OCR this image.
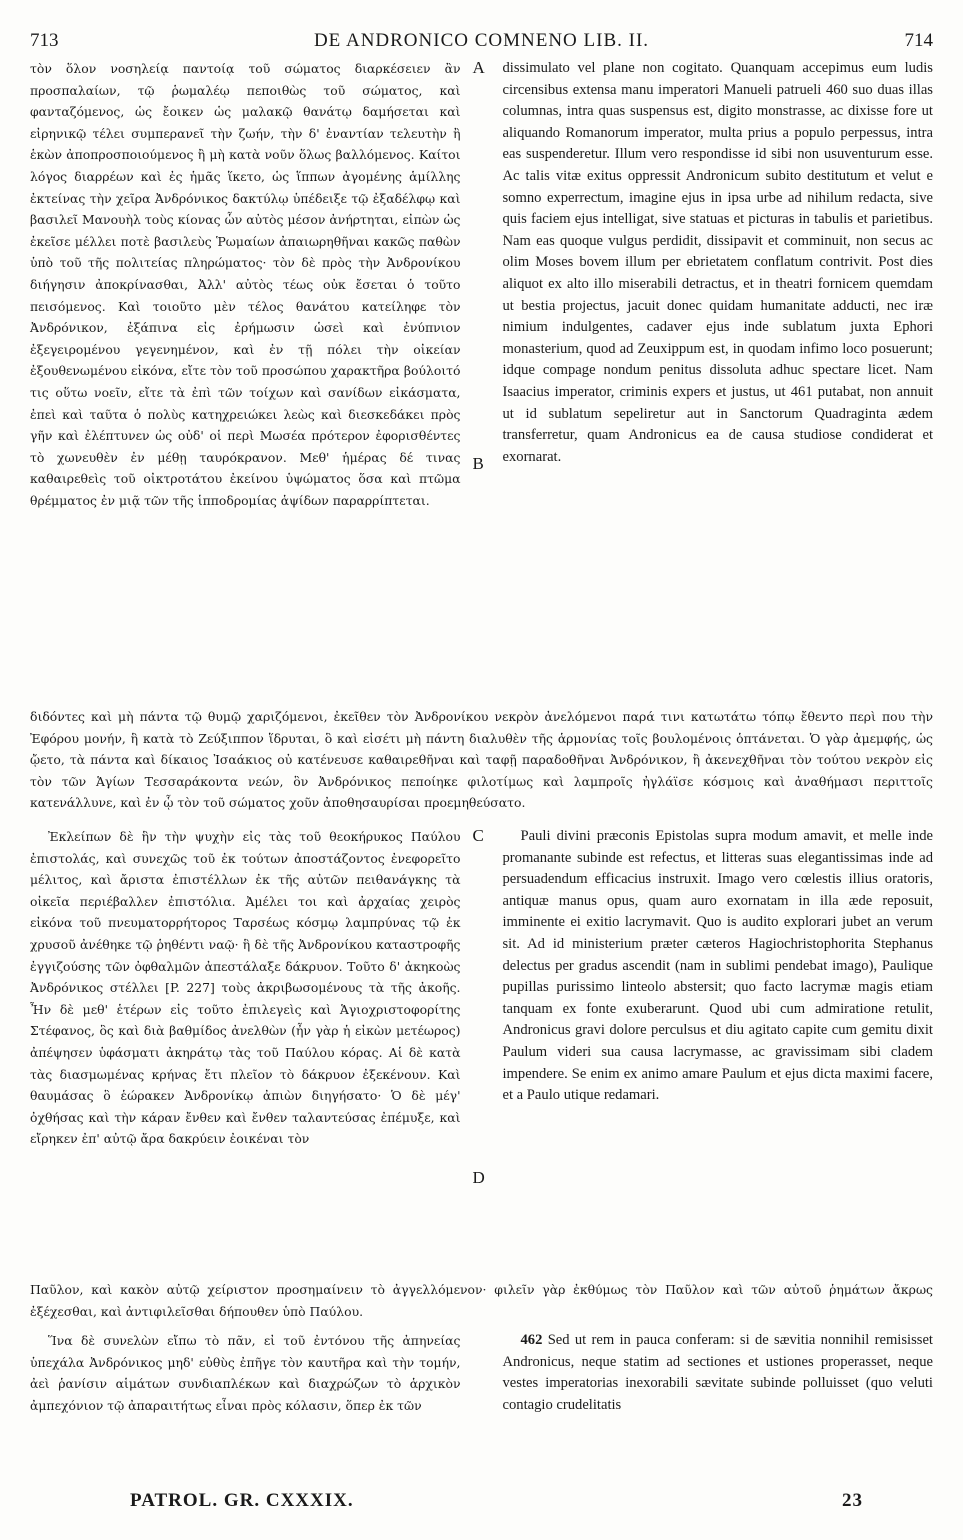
713	DE ANDRONICO COMNENO LIB. II.	714

τὸν ὅλον νοσηλείᾳ παντοίᾳ τοῦ σώματος διαρκέσειεν ἂν προσπαλαίων, τῷ ῥωμαλέῳ πεποιθὼς τοῦ σώματος, καὶ φανταζόμενος, ὡς ἔοικεν ὡς μαλακῷ θανάτῳ δαμήσεται καὶ εἰρηνικῷ τέλει συμπερανεῖ τὴν ζωήν, τὴν δ' ἐναντίαν τελευτὴν ἢ ἑκὼν ἀποπροσποιούμενος ἢ μὴ κατὰ νοῦν ὅλως βαλλόμενος. Καίτοι λόγος διαρρέων καὶ ἐς ἡμᾶς ἵκετο, ὡς ἵππων ἀγομένης ἁμίλλης ἐκτείνας τὴν χεῖρα Ἀνδρόνικος δακτύλῳ ὑπέδειξε τῷ ἐξαδέλφῳ καὶ βασιλεῖ Μανουὴλ τοὺς κίονας ὧν αὐτὸς μέσον ἀνήρτηται, εἰπὼν ὡς ἐκεῖσε μέλλει ποτὲ βασιλεὺς Ῥωμαίων ἀπαιωρηθῆναι κακῶς παθὼν ὑπὸ τοῦ τῆς πολιτείας πληρώματος· τὸν δὲ πρὸς τὴν Ἀνδρονίκου διήγησιν ἀποκρίνασθαι, Ἀλλ' αὐτὸς τέως οὐκ ἔσεται ὁ τοῦτο πεισόμενος. Καὶ τοιοῦτο μὲν τέλος θανάτου κατείληφε τὸν Ἀνδρόνικον, ἐξάπινα εἰς ἐρήμωσιν ὡσεὶ καὶ ἐνύπνιον ἐξεγειρομένου γεγενημένον, καὶ ἐν τῇ πόλει τὴν οἰκείαν ἐξουθενωμένου εἰκόνα, εἴτε τὸν τοῦ προσώπου χαρακτῆρα βούλοιτό τις οὕτω νοεῖν, εἴτε τὰ ἐπὶ τῶν τοίχων καὶ σανίδων εἰκάσματα, ἐπεὶ καὶ ταῦτα ὁ πολὺς κατηχρειώκει λεὼς καὶ διεσκεδάκει πρὸς γῆν καὶ ἐλέπτυνεν ὡς οὐδ' οἱ περὶ Μωσέα πρότερον ἐφορισθέντες τὸ χωνευθὲν ἐν μέθῃ ταυρόκρανον. Μεθ' ἡμέρας δέ τινας καθαιρεθεὶς τοῦ οἰκτροτάτου ἐκείνου ὑψώματος ὅσα καὶ πτῶμα θρέμματος ἐν μιᾷ τῶν τῆς ἱπποδρομίας ἁψίδων παραρρίπτεται.

A
B

dissimulato vel plane non cogitato. Quanquam accepimus eum ludis circensibus extensa manu imperatori Manueli patrueli 460 suo duas illas columnas, intra quas suspensus est, digito monstrasse, ac dixisse fore ut aliquando Romanorum imperator, multa prius a populo perpessus, intra eas suspenderetur. Illum vero respondisse id sibi non usuventurum esse. Ac talis vitæ exitus oppressit Andronicum subito destitutum et velut e somno experrectum, imagine ejus in ipsa urbe ad nihilum redacta, sive quis faciem ejus intelligat, sive statuas et picturas in tabulis et parietibus. Nam eas quoque vulgus perdidit, dissipavit et comminuit, non secus ac olim Moses bovem illum per ebrietatem conflatum contrivit. Post dies aliquot ex alto illo miserabili detractus, et in theatri fornicem quemdam ut bestia projectus, jacuit donec quidam humanitate adducti, nec iræ nimium indulgentes, cadaver ejus inde sublatum juxta Ephori monasterium, quod ad Zeuxippum est, in quodam infimo loco posuerunt; idque compage nondum penitus dissoluta adhuc spectare licet. Nam Isaacius imperator, criminis expers et justus, ut 461 putabat, non annuit ut id sublatum sepeliretur aut in Sanctorum Quadraginta ædem transferretur, quam Andronicus ea de causa studiose condiderat et exornarat.

διδόντες καὶ μὴ πάντα τῷ θυμῷ χαριζόμενοι, ἐκεῖθεν τὸν Ἀνδρονίκου νεκρὸν ἀνελόμενοι παρά τινι κατωτάτω τόπῳ ἔθεντο περὶ που τὴν Ἐφόρου μονήν, ἣ κατὰ τὸ Ζεύξιππον ἵδρυται, ὃ καὶ εἰσέτι μὴ πάντη διαλυθὲν τῆς ἁρμονίας τοῖς βουλομένοις ὁπτάνεται. Ὁ γὰρ ἀμεμφής, ὡς ᾤετο, τὰ πάντα καὶ δίκαιος Ἰσαάκιος οὐ κατένευσε καθαιρεθῆναι καὶ ταφῇ παραδοθῆναι Ἀνδρόνικον, ἢ ἀκενεχθῆναι τὸν τούτου νεκρὸν εἰς τὸν τῶν Ἁγίων Τεσσαράκοντα νεών, ὃν Ἀνδρόνικος πεποίηκε φιλοτίμως καὶ λαμπροῖς ἠγλάϊσε κόσμοις καὶ ἀναθήμασι περιττοῖς κατενάλλυνε, καὶ ἐν ᾧ τὸν τοῦ σώματος χοῦν ἀποθησαυρίσαι προεμηθεύσατο.

Ἐκλείπων δὲ ἣν τὴν ψυχὴν εἰς τὰς τοῦ θεοκήρυκος Παύλου ἐπιστολάς, καὶ συνεχῶς τοῦ ἐκ τούτων ἀποστάζοντος ἐνεφορεῖτο μέλιτος, καὶ ἄριστα ἐπιστέλλων ἐκ τῆς αὐτῶν πειθανάγκης τὰ οἰκεῖα περιέβαλλεν ἐπιστόλια. Ἀμέλει τοι καὶ ἀρχαίας χειρὸς εἰκόνα τοῦ πνευματορρήτορος Ταρσέως κόσμῳ λαμπρύνας τῷ ἐκ χρυσοῦ ἀνέθηκε τῷ ῥηθέντι ναῷ· ἣ δὲ τῆς Ἀνδρονίκου καταστροφῆς ἐγγιζούσης τῶν ὀφθαλμῶν ἀπεστάλαξε δάκρυον. Τοῦτο δ' ἀκηκοὼς Ἀνδρόνικος στέλλει [P. 227] τοὺς ἀκριβωσομένους τὰ τῆς ἀκοῆς. Ἦν δὲ μεθ' ἑτέρων εἰς τοῦτο ἐπιλεγεὶς καὶ Ἁγιοχριστοφορίτης Στέφανος, ὃς καὶ διὰ βαθμίδος ἀνελθὼν (ἦν γὰρ ἡ εἰκὼν μετέωρος) ἀπέψησεν ὑφάσματι ἀκηράτῳ τὰς τοῦ Παύλου κόρας. Αἱ δὲ κατὰ τὰς διασμωμένας κρήνας ἔτι πλεῖον τὸ δάκρυον ἐξεκένουν. Καὶ θαυμάσας ὃ ἑώρακεν Ἀνδρονίκῳ ἀπιὼν διηγήσατο· Ὁ δὲ μέγ' ὀχθήσας καὶ τὴν κάραν ἔνθεν καὶ ἔνθεν ταλαντεύσας ἐπέμυξε, καὶ εἴρηκεν ἐπ' αὐτῷ ἄρα δακρύειν ἐοικέναι τὸν

C
D

Pauli divini præconis Epistolas supra modum amavit, et melle inde promanante subinde est refectus, et litteras suas elegantissimas inde ad persuadendum efficacius instruxit. Imago vero cœlestis illius oratoris, antiquæ manus opus, quam auro exornatam in illa æde reposuit, imminente ei exitio lacrymavit. Quo is audito explorari jubet an verum sit. Ad id ministerium præter cæteros Hagiochristophorita Stephanus delectus per gradus ascendit (nam in sublimi pendebat imago), Paulique pupillas purissimo linteolo abstersit; quo facto lacrymæ magis etiam tanquam ex fonte exuberarunt. Quod ubi cum admiratione retulit, Andronicus gravi dolore perculsus et diu agitato capite cum gemitu dixit Paulum videri sua causa lacrymasse, ac gravissimam sibi cladem impendere. Se enim ex animo amare Paulum et ejus dicta maximi facere, et a Paulo utique redamari.

Παῦλον, καὶ κακὸν αὐτῷ χείριστον προσημαίνειν τὸ ἀγγελλόμενον· φιλεῖν γὰρ ἐκθύμως τὸν Παῦλον καὶ τῶν αὐτοῦ ῥημάτων ἄκρως ἐξέχεσθαι, καὶ ἀντιφιλεῖσθαι δήπουθεν ὑπὸ Παύλου.

Ἵνα δὲ συνελὼν εἴπω τὸ πᾶν, εἰ τοῦ ἐντόνου τῆς ἀπηνείας ὑπεχάλα Ἀνδρόνικος μηδ' εὐθὺς ἐπῆγε τὸν καυτῆρα καὶ τὴν τομήν, ἀεὶ ῥανίσιν αἱμάτων συνδιαπλέκων καὶ διαχρώζων τὸ ἁρχικὸν ἀμπεχόνιον τῷ ἀπαραιτήτως εἶναι πρὸς κόλασιν, ὅπερ ἐκ τῶν

462 Sed ut rem in pauca conferam: si de sævitia nonnihil remisisset Andronicus, neque statim ad sectiones et ustiones properasset, neque vestes imperatorias inexorabili sævitate subinde polluisset (quo veluti contagio crudelitatis

PATROL. GR. CXXXIX.	23
